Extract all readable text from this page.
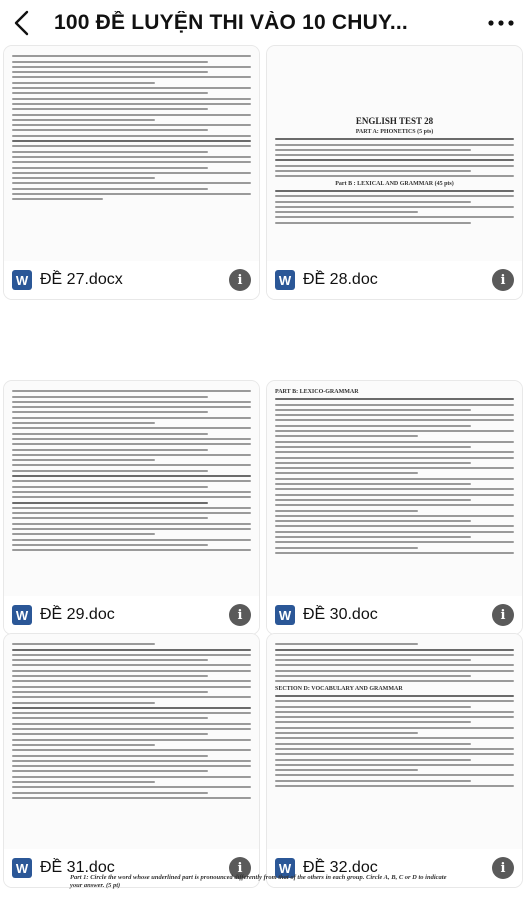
100 ĐỀ LUYỆN THI VÀO 10 CHUY...
W ĐỀ 27.docx	i
ENGLISH TEST 28
PART A: PHONETICS (5 pts)
Part B : LEXICAL AND GRAMMAR (45 pts)
W ĐỀ 28.doc	i
W ĐỀ 29.doc	i
PART B: LEXICO-GRAMMAR
W ĐỀ 30.doc	i
W ĐỀ 31.doc	i
SECTION D: VOCABULARY AND GRAMMAR
W ĐỀ 32.doc	i
Part 1: Circle the word whose underlined part is pronounced differently from that of the others in each group. Circle A, B, C or D to indicate your answer. (5 pt)
